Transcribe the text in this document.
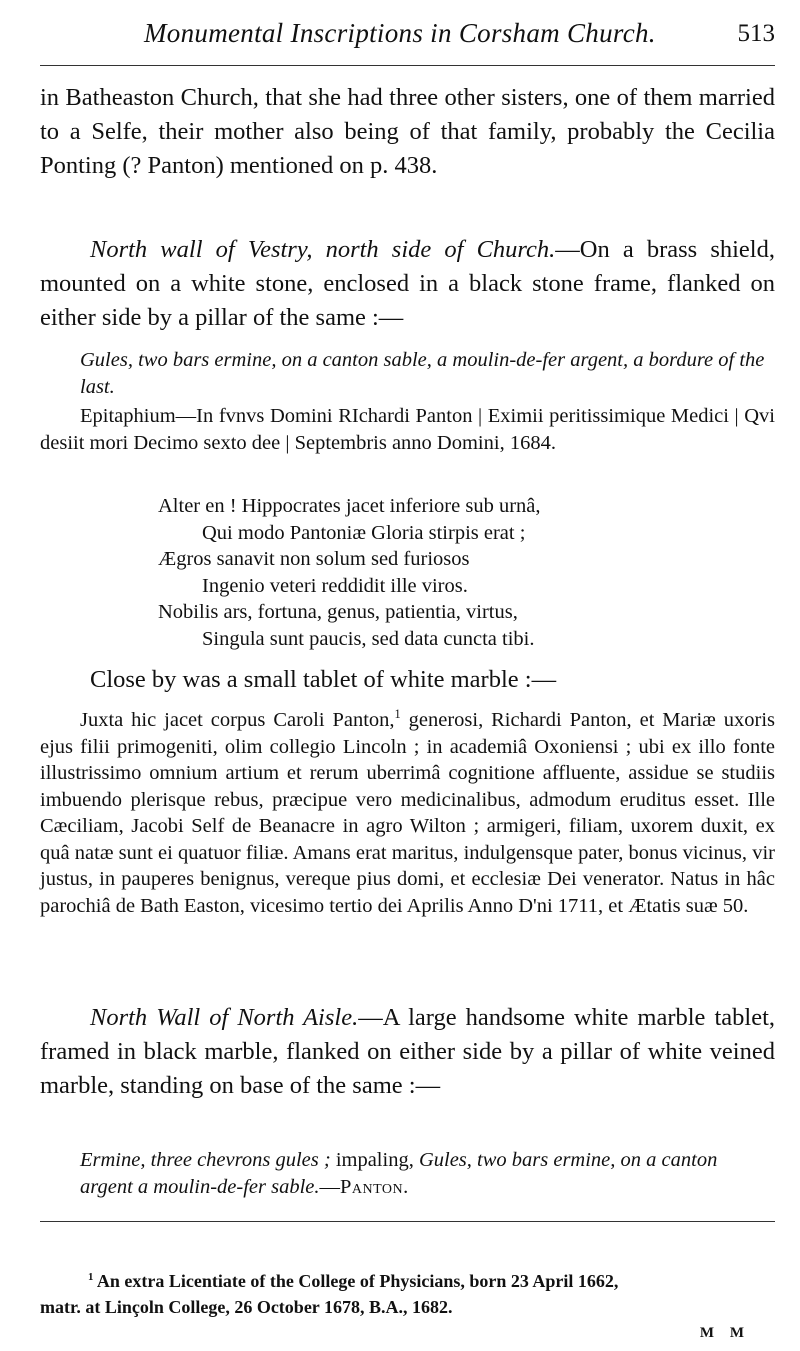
Monumental Inscriptions in Corsham Church.	513

in Batheaston Church, that she had three other sisters, one of them married to a Selfe, their mother also being of that family, probably the Cecilia Ponting (? Panton) mentioned on p. 438.

North wall of Vestry, north side of Church.—On a brass shield, mounted on a white stone, enclosed in a black stone frame, flanked on either side by a pillar of the same :—

Gules, two bars ermine, on a canton sable, a moulin-de-fer argent, a bordure of the last.

Epitaphium—In fvnvs Domini RIchardi Panton | Eximii peritissimique Medici | Qvi desiit mori Decimo sexto dee | Septembris anno Domini, 1684.

Alter en ! Hippocrates jacet inferiore sub urnâ,
Qui modo Pantoniæ Gloria stirpis erat ;
Ægros sanavit non solum sed furiosos
Ingenio veteri reddidit ille viros.
Nobilis ars, fortuna, genus, patientia, virtus,
Singula sunt paucis, sed data cuncta tibi.

Close by was a small tablet of white marble :—

Juxta hic jacet corpus Caroli Panton,$^1$ generosi, Richardi Panton, et Mariæ uxoris ejus filii primogeniti, olim collegio Lincoln ; in academiâ Oxoniensi ; ubi ex illo fonte illustrissimo omnium artium et rerum uberrimâ cognitione affluente, assidue se studiis imbuendo plerisque rebus, præcipue vero medicinalibus, admodum eruditus esset. Ille Cæciliam, Jacobi Self de Beanacre in agro Wilton ; armigeri, filiam, uxorem duxit, ex quâ natæ sunt ei quatuor filiæ. Amans erat maritus, indulgensque pater, bonus vicinus, vir justus, in pauperes benignus, vereque pius domi, et ecclesiæ Dei venerator. Natus in hâc parochiâ de Bath Easton, vicesimo tertio dei Aprilis Anno D'ni 1711, et Ætatis suæ 50.

North Wall of North Aisle.—A large handsome white marble tablet, framed in black marble, flanked on either side by a pillar of white veined marble, standing on base of the same :—

Ermine, three chevrons gules ; impaling, Gules, two bars ermine, on a canton argent a moulin-de-fer sable.—Panton.

$^1$ An extra Licentiate of the College of Physicians, born 23 April 1662,
matr. at Linçoln College, 26 October 1678, B.A., 1682.
M M
